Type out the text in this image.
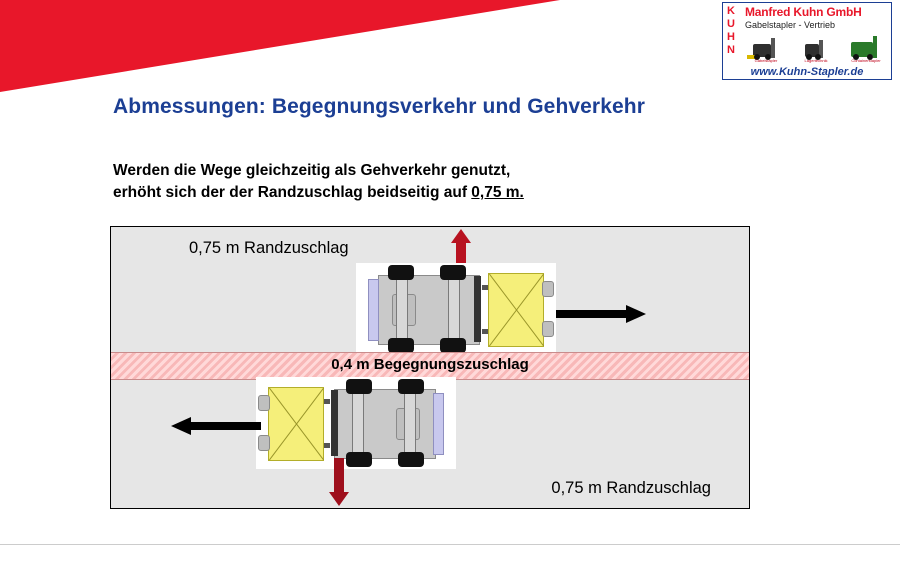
K
U
H
N
Manfred Kuhn GmbH
Gabelstapler - Vertrieb
Gabelstapler	Lagertechnik	Containerstapler
www.Kuhn-Stapler.de
Abmessungen: Begegnungsverkehr und Gehverkehr
Werden die Wege gleichzeitig als Gehverkehr genutzt,
erhöht sich der der Randzuschlag beidseitig auf 0,75 m.
0,75 m Randzuschlag
0,4 m Begegnungszuschlag
0,75 m Randzuschlag
